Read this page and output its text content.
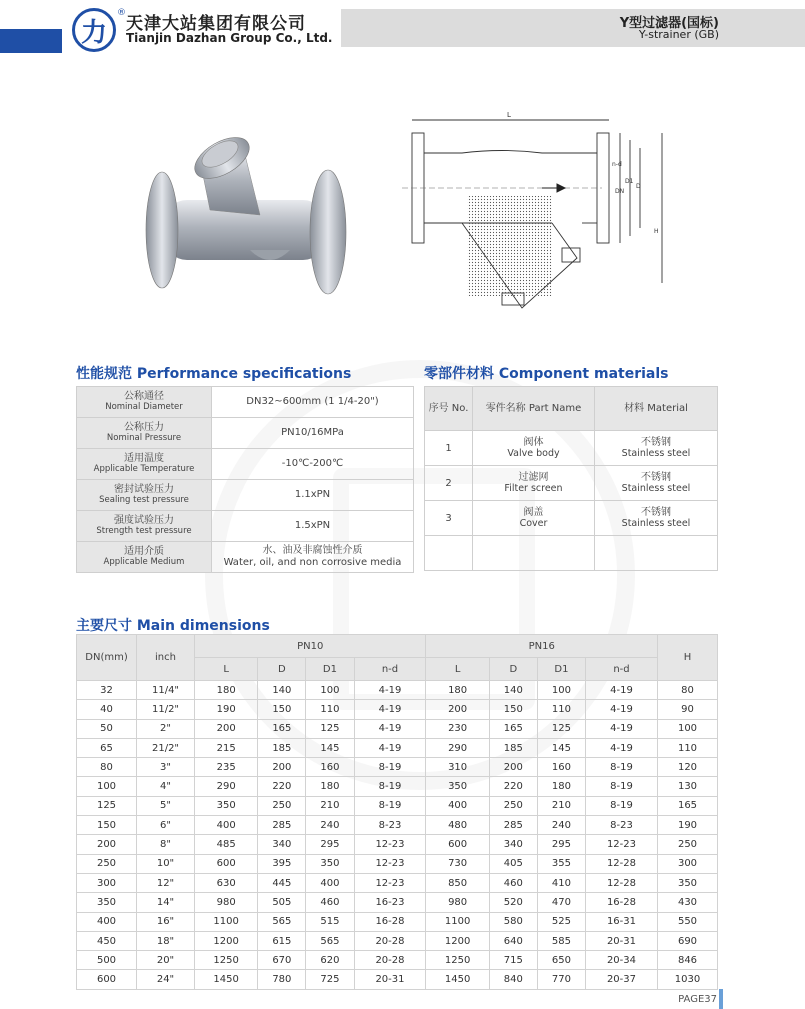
力
®
天津大站集团有限公司
Tianjin Dazhan Group Co., Ltd.
Y型过滤器(国标)
Y-strainer (GB)
L
n-d
DN
D1
D
H
性能规范 Performance specifications
公称通径
Nominal Diameter	DN32~600mm (1 1/4-20")
公称压力
Nominal Pressure	PN10/16MPa
适用温度
Applicable Temperature	-10℃-200℃
密封试验压力
Sealing test pressure	1.1xPN
强度试验压力
Strength test pressure	1.5xPN
适用介质
Applicable Medium	水、油及非腐蚀性介质
Water, oil, and non corrosive media
零部件材料 Component materials
序号 No.	零件名称 Part Name	材料 Material
1	阀体
Valve body	不锈钢
Stainless steel

2	过滤网
Filter screen	不锈钢
Stainless steel

3	阀盖
Cover	不锈钢
Stainless steel

主要尺寸 Main dimensions
DN(mm)	inch	PN10				PN16				H
		L	D	D1	n-d	L	D	D1	n-d	
32	11/4"	180	140	100	4-19	180	140	100	4-19	80
40	11/2"	190	150	110	4-19	200	150	110	4-19	90
50	2"	200	165	125	4-19	230	165	125	4-19	100
65	21/2"	215	185	145	4-19	290	185	145	4-19	110
80	3"	235	200	160	8-19	310	200	160	8-19	120
100	4"	290	220	180	8-19	350	220	180	8-19	130
125	5"	350	250	210	8-19	400	250	210	8-19	165
150	6"	400	285	240	8-23	480	285	240	8-23	190
200	8"	485	340	295	12-23	600	340	295	12-23	250
250	10"	600	395	350	12-23	730	405	355	12-28	300
300	12"	630	445	400	12-23	850	460	410	12-28	350
350	14"	980	505	460	16-23	980	520	470	16-28	430
400	16"	1100	565	515	16-28	1100	580	525	16-31	550
450	18"	1200	615	565	20-28	1200	640	585	20-31	690
500	20"	1250	670	620	20-28	1250	715	650	20-34	846
600	24"	1450	780	725	20-31	1450	840	770	20-37	1030
PAGE37
